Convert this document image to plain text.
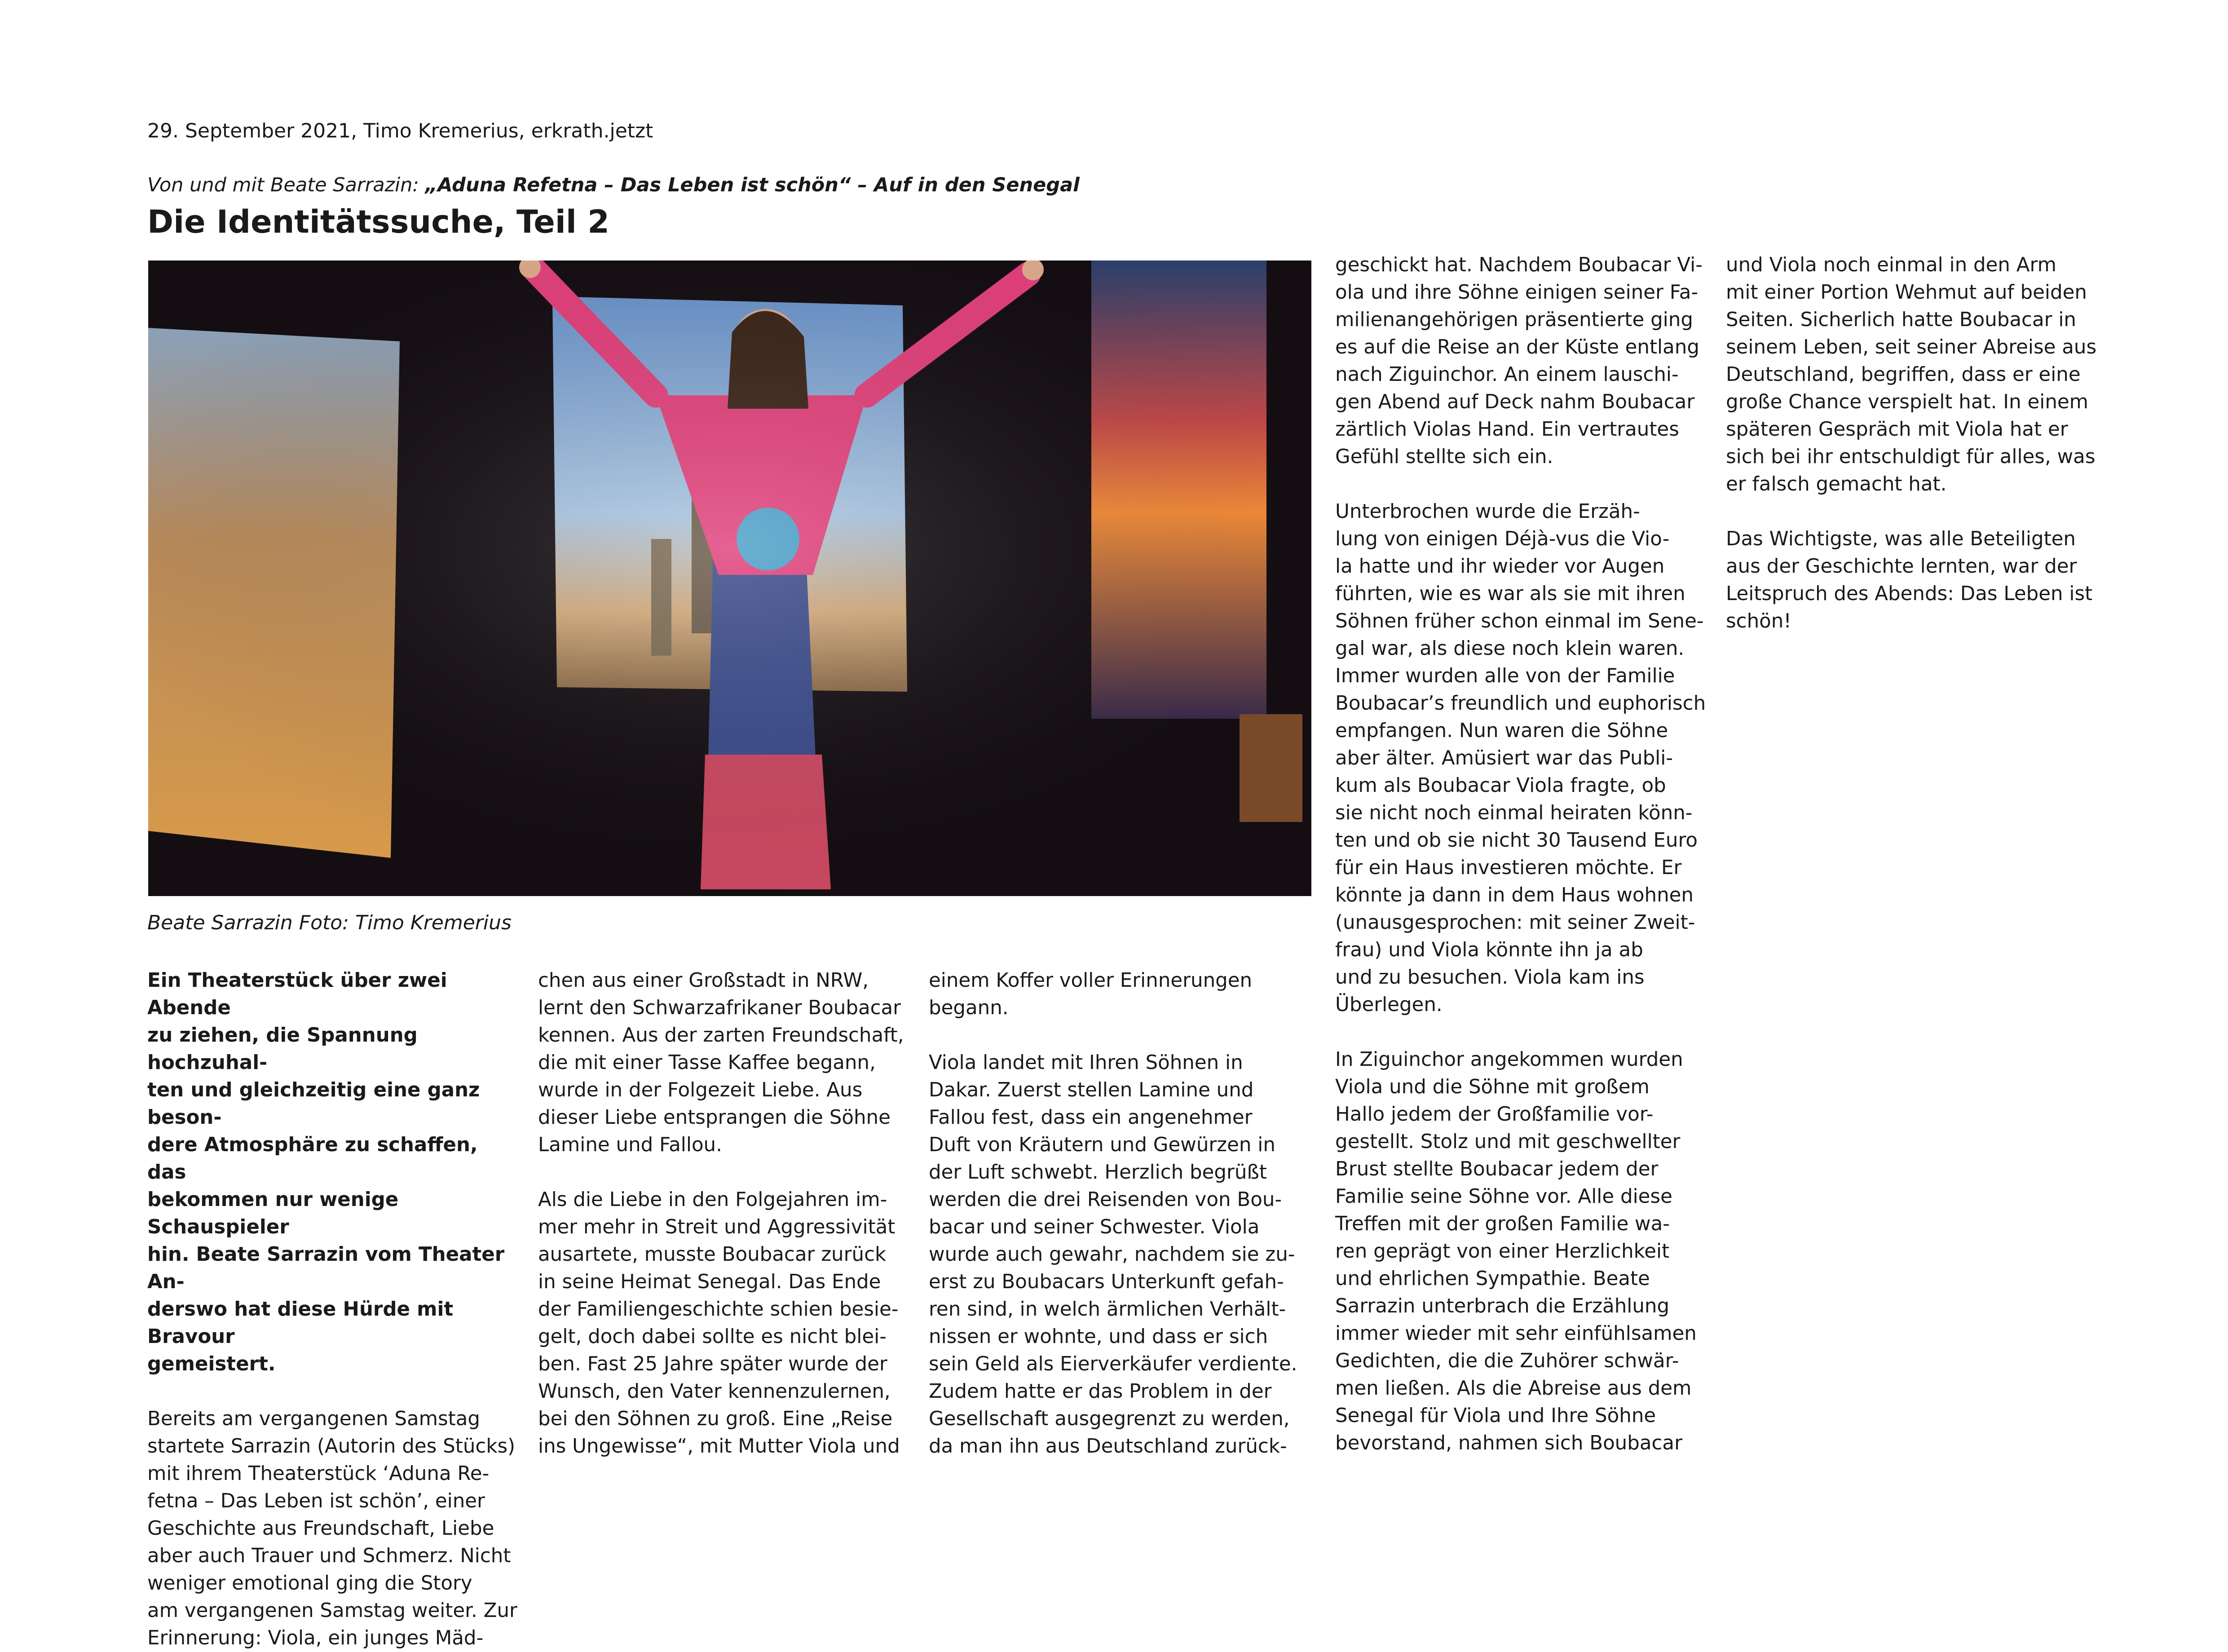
29. September 2021, Timo Kremerius, erkrath.jetzt
Von und mit Beate Sarrazin: „Aduna Refetna – Das Leben ist schön“ – Auf in den Senegal
Die Identitätssuche, Teil 2
Beate Sarrazin Foto: Timo Kremerius

Ein Theaterstück über zwei Abende
zu ziehen, die Spannung hochzuhal-
ten und gleichzeitig eine ganz beson-
dere Atmosphäre zu schaffen, das
bekommen nur wenige Schauspieler
hin. Beate Sarrazin vom Theater An-
derswo hat diese Hürde mit Bravour
gemeistert.

Bereits am vergangenen Samstag
startete Sarrazin (Autorin des Stücks)
mit ihrem Theaterstück ‘Aduna Re-
fetna – Das Leben ist schön’, einer
Geschichte aus Freundschaft, Liebe
aber auch Trauer und Schmerz. Nicht
weniger emotional ging die Story
am vergangenen Samstag weiter. Zur
Erinnerung: Viola, ein junges Mäd-

chen aus einer Großstadt in NRW,
lernt den Schwarzafrikaner Boubacar
kennen. Aus der zarten Freundschaft,
die mit einer Tasse Kaffee begann,
wurde in der Folgezeit Liebe. Aus
dieser Liebe entsprangen die Söhne
Lamine und Fallou.

Als die Liebe in den Folgejahren im-
mer mehr in Streit und Aggressivität
ausartete, musste Boubacar zurück
in seine Heimat Senegal. Das Ende
der Familiengeschichte schien besie-
gelt, doch dabei sollte es nicht blei-
ben. Fast 25 Jahre später wurde der
Wunsch, den Vater kennenzulernen,
bei den Söhnen zu groß. Eine „Reise
ins Ungewisse“, mit Mutter Viola und

einem Koffer voller Erinnerungen
begann.

Viola landet mit Ihren Söhnen in
Dakar. Zuerst stellen Lamine und
Fallou fest, dass ein angenehmer
Duft von Kräutern und Gewürzen in
der Luft schwebt. Herzlich begrüßt
werden die drei Reisenden von Bou-
bacar und seiner Schwester. Viola
wurde auch gewahr, nachdem sie zu-
erst zu Boubacars Unterkunft gefah-
ren sind, in welch ärmlichen Verhält-
nissen er wohnte, und dass er sich
sein Geld als Eierverkäufer verdiente.
Zudem hatte er das Problem in der
Gesellschaft ausgegrenzt zu werden,
da man ihn aus Deutschland zurück-

geschickt hat. Nachdem Boubacar Vi-
ola und ihre Söhne einigen seiner Fa-
milienangehörigen präsentierte ging
es auf die Reise an der Küste entlang
nach Ziguinchor. An einem lauschi-
gen Abend auf Deck nahm Boubacar
zärtlich Violas Hand. Ein vertrautes
Gefühl stellte sich ein.

Unterbrochen wurde die Erzäh-
lung von einigen Déjà-vus die Vio-
la hatte und ihr wieder vor Augen
führten, wie es war als sie mit ihren
Söhnen früher schon einmal im Sene-
gal war, als diese noch klein waren.
Immer wurden alle von der Familie
Boubacar’s freundlich und euphorisch
empfangen. Nun waren die Söhne
aber älter. Amüsiert war das Publi-
kum als Boubacar Viola fragte, ob
sie nicht noch einmal heiraten könn-
ten und ob sie nicht 30 Tausend Euro
für ein Haus investieren möchte. Er
könnte ja dann in dem Haus wohnen
(unausgesprochen: mit seiner Zweit-
frau) und Viola könnte ihn ja ab
und zu besuchen. Viola kam ins
Überlegen.

In Ziguinchor angekommen wurden
Viola und die Söhne mit großem
Hallo jedem der Großfamilie vor-
gestellt. Stolz und mit geschwellter
Brust stellte Boubacar jedem der
Familie seine Söhne vor. Alle diese
Treffen mit der großen Familie wa-
ren geprägt von einer Herzlichkeit
und ehrlichen Sympathie. Beate
Sarrazin unterbrach die Erzählung
immer wieder mit sehr einfühlsamen
Gedichten, die die Zuhörer schwär-
men ließen. Als die Abreise aus dem
Senegal für Viola und Ihre Söhne
bevorstand, nahmen sich Boubacar

und Viola noch einmal in den Arm
mit einer Portion Wehmut auf beiden
Seiten. Sicherlich hatte Boubacar in
seinem Leben, seit seiner Abreise aus
Deutschland, begriffen, dass er eine
große Chance verspielt hat. In einem
späteren Gespräch mit Viola hat er
sich bei ihr entschuldigt für alles, was
er falsch gemacht hat.

Das Wichtigste, was alle Beteiligten
aus der Geschichte lernten, war der
Leitspruch des Abends: Das Leben ist
schön!
